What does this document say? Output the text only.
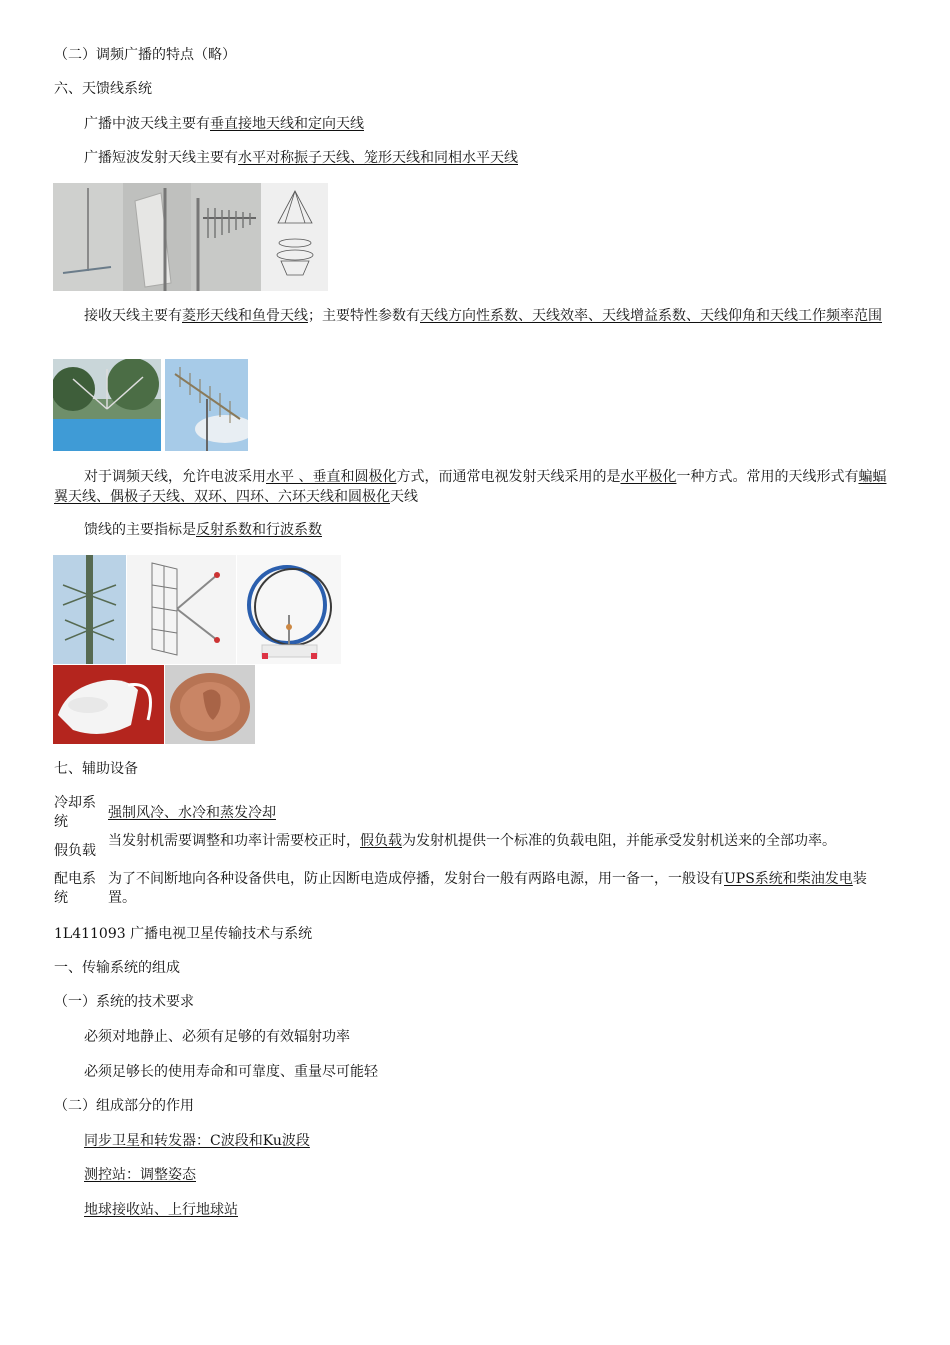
（二）调频广播的特点（略）
六、天馈线系统
广播中波天线主要有垂直接地天线和定向天线
广播短波发射天线主要有水平对称振子天线、笼形天线和同相水平天线
接收天线主要有菱形天线和鱼骨天线；主要特性参数有天线方向性系数、天线效率、天线增益系数、天线仰角和天线工作频率范围
对于调频天线，允许电波采用水平 、垂直和圆极化方式，而通常电视发射天线采用的是水平极化一种方式。常用的天线形式有蝙蝠翼天线、偶极子天线、双环、四环、六环天线和圆极化天线
馈线的主要指标是反射系数和行波系数
七、辅助设备
冷却系统	强制风冷、水冷和蒸发冷却
假负载	当发射机需要调整和功率计需要校正时，假负载为发射机提供一个标准的负载电阻，并能承受发射机送来的全部功率。
配电系统	为了不间断地向各种设备供电，防止因断电造成停播，发射台一般有两路电源，用一备一，一般设有UPS系统和柴油发电装置。
1L411093 广播电视卫星传输技术与系统
一、传输系统的组成
（一）系统的技术要求
必须对地静止、必须有足够的有效辐射功率
必须足够长的使用寿命和可靠度、重量尽可能轻
（二）组成部分的作用
同步卫星和转发器：C波段和Ku波段
测控站：调整姿态
地球接收站、上行地球站
